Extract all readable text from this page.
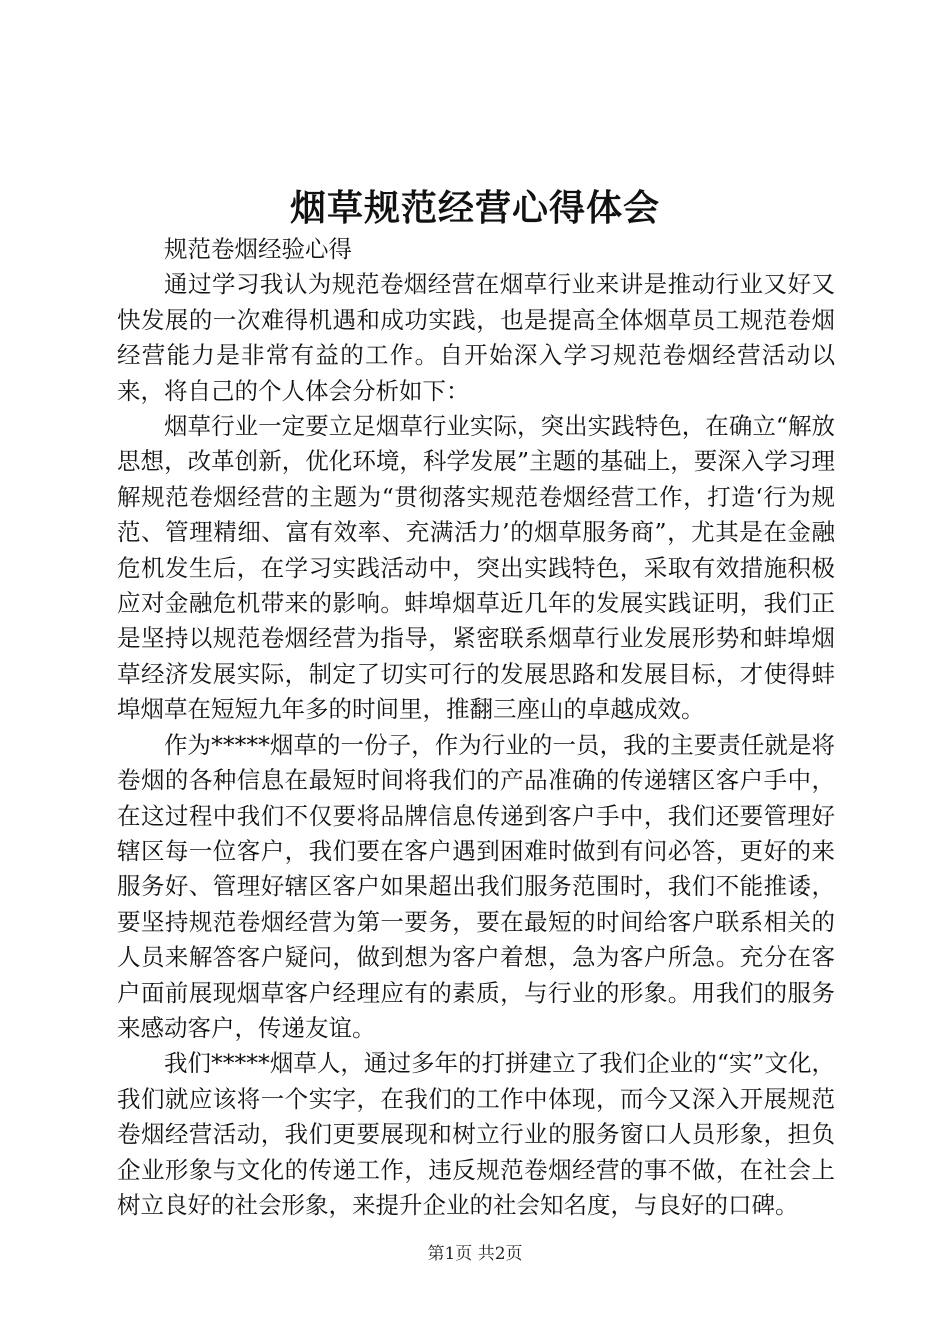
烟草规范经营心得体会

规范卷烟经验心得

通过学习我认为规范卷烟经营在烟草行业来讲是推动行业又好又快发展的一次难得机遇和成功实践，也是提高全体烟草员工规范卷烟经营能力是非常有益的工作。自开始深入学习规范卷烟经营活动以来，将自己的个人体会分析如下：

烟草行业一定要立足烟草行业实际，突出实践特色，在确立“解放思想，改革创新，优化环境，科学发展”主题的基础上，要深入学习理解规范卷烟经营的主题为“贯彻落实规范卷烟经营工作，打造‘行为规范、管理精细、富有效率、充满活力’的烟草服务商”，尤其是在金融危机发生后，在学习实践活动中，突出实践特色，采取有效措施积极应对金融危机带来的影响。蚌埠烟草近几年的发展实践证明，我们正是坚持以规范卷烟经营为指导，紧密联系烟草行业发展形势和蚌埠烟草经济发展实际，制定了切实可行的发展思路和发展目标，才使得蚌埠烟草在短短九年多的时间里，推翻三座山的卓越成效。

作为*****烟草的一份子，作为行业的一员，我的主要责任就是将卷烟的各种信息在最短时间将我们的产品准确的传递辖区客户手中，在这过程中我们不仅要将品牌信息传递到客户手中，我们还要管理好辖区每一位客户，我们要在客户遇到困难时做到有问必答，更好的来服务好、管理好辖区客户如果超出我们服务范围时，我们不能推诿，要坚持规范卷烟经营为第一要务，要在最短的时间给客户联系相关的人员来解答客户疑问，做到想为客户着想，急为客户所急。充分在客户面前展现烟草客户经理应有的素质，与行业的形象。用我们的服务来感动客户，传递友谊。

我们*****烟草人，通过多年的打拼建立了我们企业的“实”文化，我们就应该将一个实字，在我们的工作中体现，而今又深入开展规范卷烟经营活动，我们更要展现和树立行业的服务窗口人员形象，担负企业形象与文化的传递工作，违反规范卷烟经营的事不做，在社会上树立良好的社会形象，来提升企业的社会知名度，与良好的口碑。

第1页 共2页
